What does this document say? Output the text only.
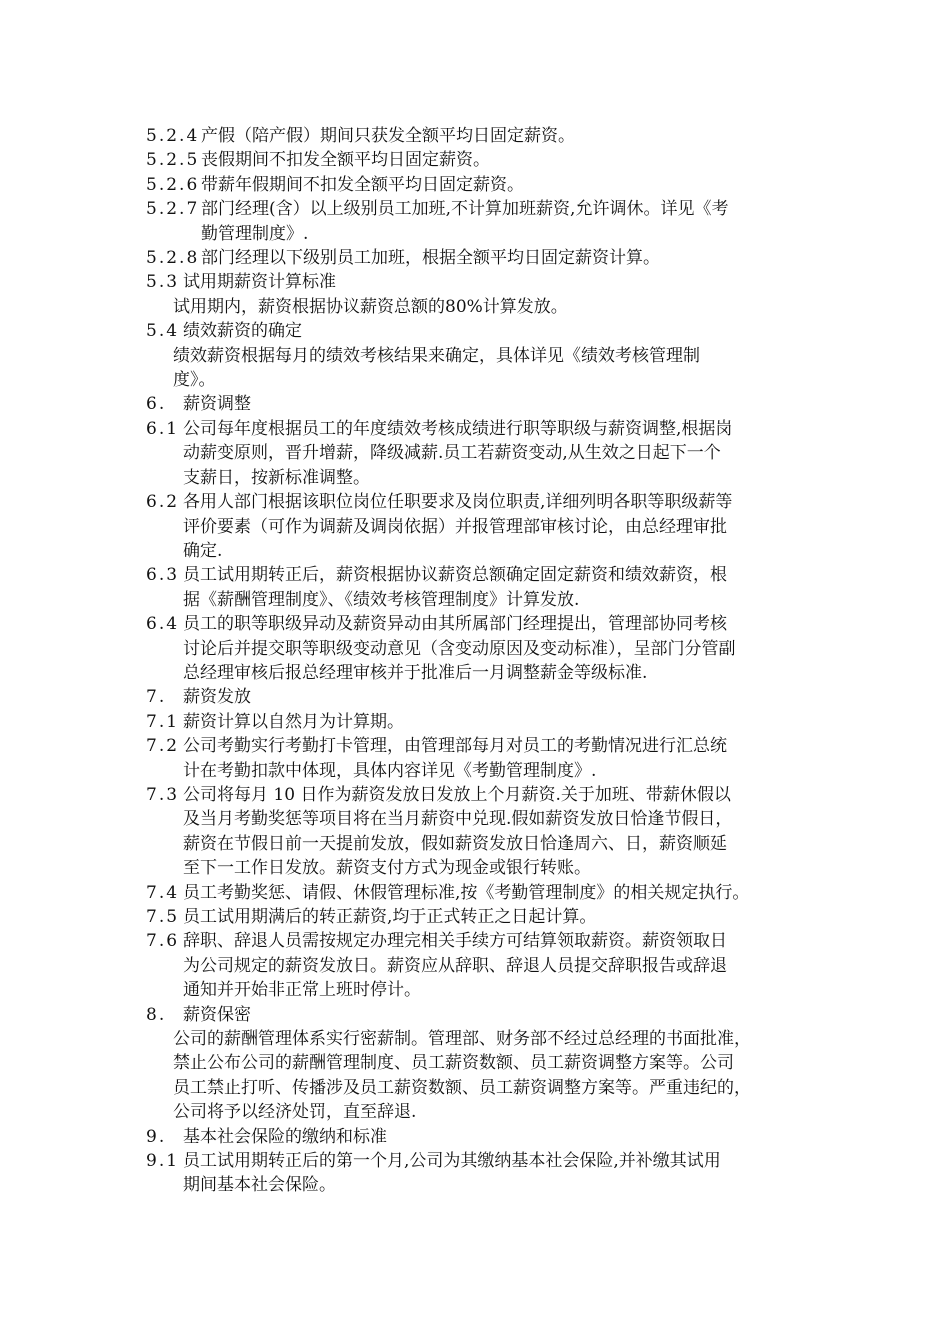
5.2.4 产假（陪产假）期间只获发全额平均日固定薪资。
5.2.5 丧假期间不扣发全额平均日固定薪资。
5.2.6 带薪年假期间不扣发全额平均日固定薪资。
5.2.7 部门经理(含）以上级别员工加班,不计算加班薪资,允许调休。详见《考
勤管理制度》.
5.2.8 部门经理以下级别员工加班，根据全额平均日固定薪资计算。
5.3 试用期薪资计算标准
试用期内，薪资根据协议薪资总额的80%计算发放。
5.4 绩效薪资的确定
绩效薪资根据每月的绩效考核结果来确定，具体详见《绩效考核管理制
度》。
6. 薪资调整
6.1 公司每年度根据员工的年度绩效考核成绩进行职等职级与薪资调整,根据岗
动薪变原则，晋升增薪，降级减薪.员工若薪资变动,从生效之日起下一个
支薪日，按新标准调整。
6.2 各用人部门根据该职位岗位任职要求及岗位职责,详细列明各职等职级薪等
评价要素（可作为调薪及调岗依据）并报管理部审核讨论，由总经理审批
确定.
6.3 员工试用期转正后，薪资根据协议薪资总额确定固定薪资和绩效薪资，根
据《薪酬管理制度》、《绩效考核管理制度》计算发放.
6.4 员工的职等职级异动及薪资异动由其所属部门经理提出，管理部协同考核
讨论后并提交职等职级变动意见（含变动原因及变动标准），呈部门分管副
总经理审核后报总经理审核并于批准后一月调整薪金等级标准.
7. 薪资发放
7.1 薪资计算以自然月为计算期。
7.2 公司考勤实行考勤打卡管理，由管理部每月对员工的考勤情况进行汇总统
计在考勤扣款中体现，具体内容详见《考勤管理制度》.
7.3 公司将每月 10 日作为薪资发放日发放上个月薪资.关于加班、带薪休假以
及当月考勤奖惩等项目将在当月薪资中兑现.假如薪资发放日恰逢节假日，
薪资在节假日前一天提前发放，假如薪资发放日恰逢周六、日，薪资顺延
至下一工作日发放。薪资支付方式为现金或银行转账。
7.4 员工考勤奖惩、请假、休假管理标准,按《考勤管理制度》的相关规定执行。
7.5 员工试用期满后的转正薪资,均于正式转正之日起计算。
7.6 辞职、辞退人员需按规定办理完相关手续方可结算领取薪资。薪资领取日
为公司规定的薪资发放日。薪资应从辞职、辞退人员提交辞职报告或辞退
通知并开始非正常上班时停计。
8. 薪资保密
公司的薪酬管理体系实行密薪制。管理部、财务部不经过总经理的书面批准，
禁止公布公司的薪酬管理制度、员工薪资数额、员工薪资调整方案等。公司
员工禁止打听、传播涉及员工薪资数额、员工薪资调整方案等。严重违纪的，
公司将予以经济处罚，直至辞退.
9. 基本社会保险的缴纳和标准
9.1 员工试用期转正后的第一个月,公司为其缴纳基本社会保险,并补缴其试用
期间基本社会保险。
